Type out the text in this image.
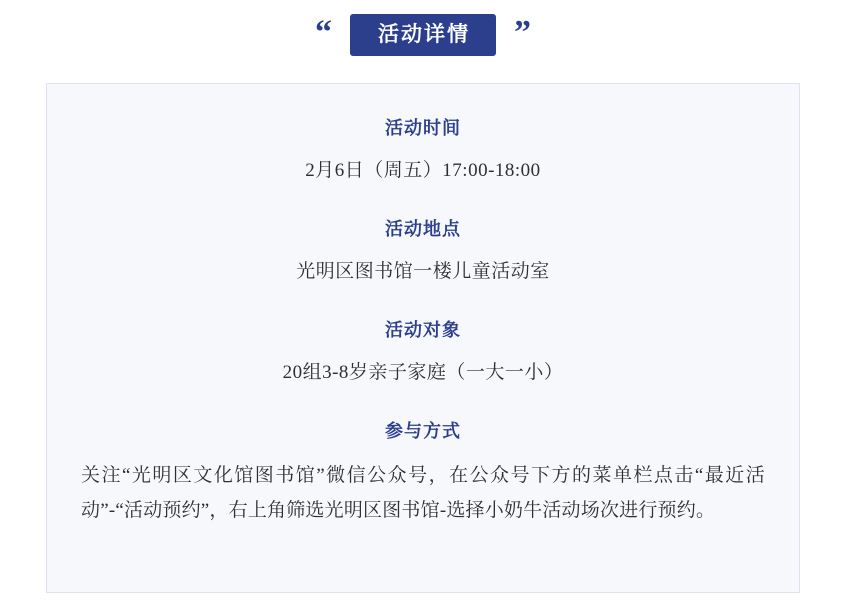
“	活动详情	”
活动时间
2月6日（周五）17:00-18:00
活动地点
光明区图书馆一楼儿童活动室
活动对象
20组3-8岁亲子家庭（一大一小）
参与方式
关注“光明区文化馆图书馆”微信公众号，在公众号下方的菜单栏点击“最近活动”-“活动预约”，右上角筛选光明区图书馆-选择小奶牛活动场次进行预约。
